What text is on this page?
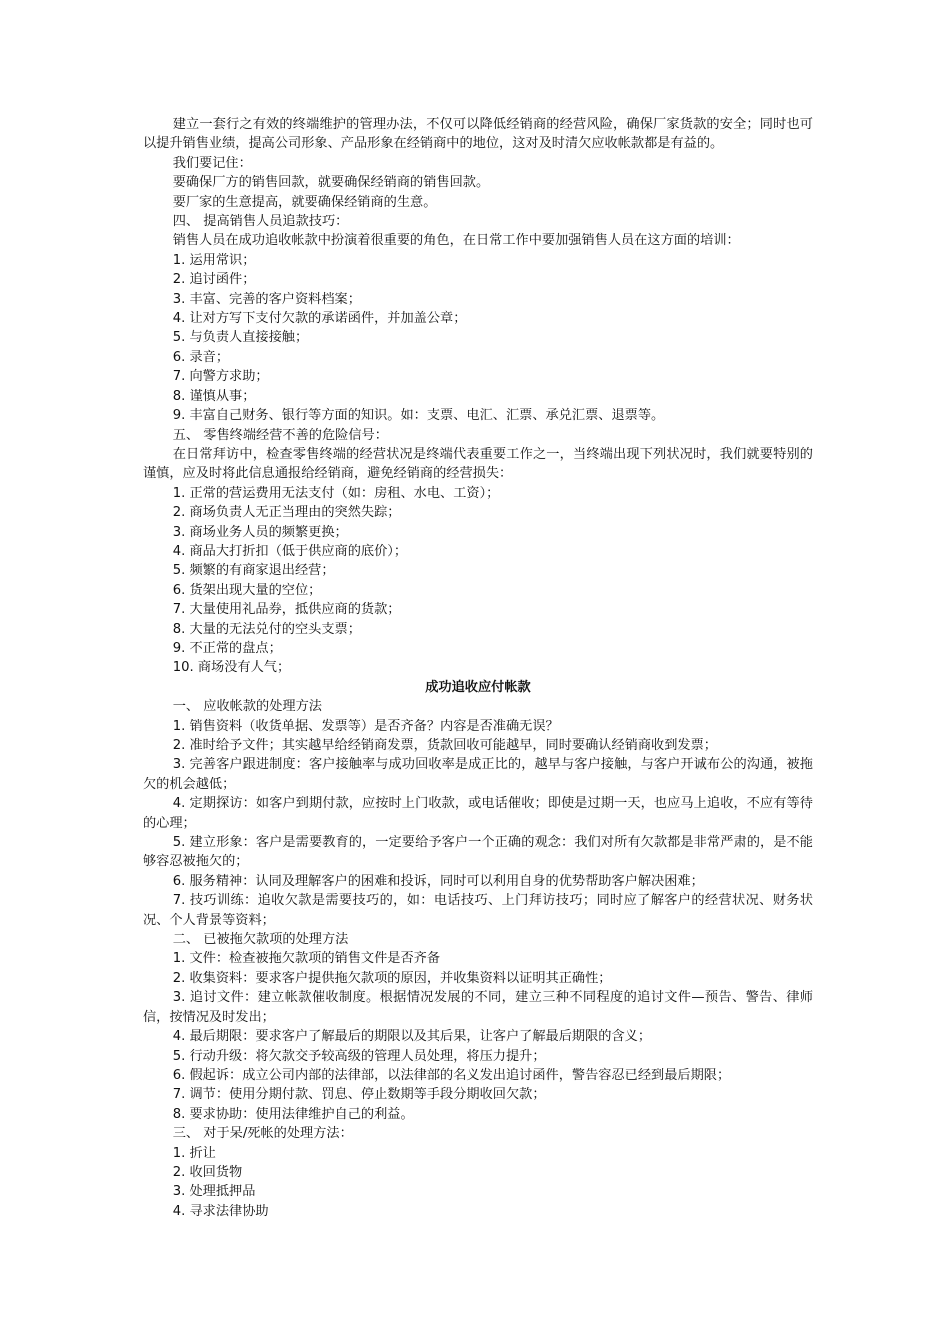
建立一套行之有效的终端维护的管理办法，不仅可以降低经销商的经营风险，确保厂家货款的安全；同时也可以提升销售业绩，提高公司形象、产品形象在经销商中的地位，这对及时清欠应收帐款都是有益的。

我们要记住：

要确保厂方的销售回款，就要确保经销商的销售回款。

要厂家的生意提高，就要确保经销商的生意。

四、 提高销售人员追款技巧：

销售人员在成功追收帐款中扮演着很重要的角色，在日常工作中要加强销售人员在这方面的培训：

1. 运用常识；

2. 追讨函件；

3. 丰富、完善的客户资料档案；

4. 让对方写下支付欠款的承诺函件，并加盖公章；

5. 与负责人直接接触；

6. 录音；

7. 向警方求助；

8. 谨慎从事；

9. 丰富自己财务、银行等方面的知识。如：支票、电汇、汇票、承兑汇票、退票等。

五、 零售终端经营不善的危险信号：

在日常拜访中，检查零售终端的经营状况是终端代表重要工作之一，当终端出现下列状况时，我们就要特别的谨慎，应及时将此信息通报给经销商，避免经销商的经营损失：

1. 正常的营运费用无法支付（如：房租、水电、工资）；

2. 商场负责人无正当理由的突然失踪；

3. 商场业务人员的频繁更换；

4. 商品大打折扣（低于供应商的底价）；

5. 频繁的有商家退出经营；

6. 货架出现大量的空位；

7. 大量使用礼品券，抵供应商的货款；

8. 大量的无法兑付的空头支票；

9. 不正常的盘点；

10. 商场没有人气；

成功追收应付帐款

一、 应收帐款的处理方法

1. 销售资料（收货单据、发票等）是否齐备？内容是否准确无误？

2. 准时给予文件；其实越早给经销商发票，货款回收可能越早，同时要确认经销商收到发票；

3. 完善客户跟进制度：客户接触率与成功回收率是成正比的，越早与客户接触，与客户开诚布公的沟通，被拖欠的机会越低；

4. 定期探访：如客户到期付款，应按时上门收款，或电话催收；即使是过期一天，也应马上追收，不应有等待的心理；

5. 建立形象：客户是需要教育的，一定要给予客户一个正确的观念：我们对所有欠款都是非常严肃的，是不能够容忍被拖欠的；

6. 服务精神：认同及理解客户的困难和投诉，同时可以利用自身的优势帮助客户解决困难；

7. 技巧训练：追收欠款是需要技巧的，如：电话技巧、上门拜访技巧；同时应了解客户的经营状况、财务状况、个人背景等资料；

二、 已被拖欠款项的处理方法

1. 文件：检查被拖欠款项的销售文件是否齐备

2. 收集资料：要求客户提供拖欠款项的原因，并收集资料以证明其正确性；

3. 追讨文件：建立帐款催收制度。根据情况发展的不同，建立三种不同程度的追讨文件—预告、警告、律师信，按情况及时发出；

4. 最后期限：要求客户了解最后的期限以及其后果，让客户了解最后期限的含义；

5. 行动升级：将欠款交予较高级的管理人员处理，将压力提升；

6. 假起诉：成立公司内部的法律部，以法律部的名义发出追讨函件，警告容忍已经到最后期限；

7. 调节：使用分期付款、罚息、停止数期等手段分期收回欠款；

8. 要求协助：使用法律维护自己的利益。

三、 对于呆/死帐的处理方法：

1. 折让

2. 收回货物

3. 处理抵押品

4. 寻求法律协助
